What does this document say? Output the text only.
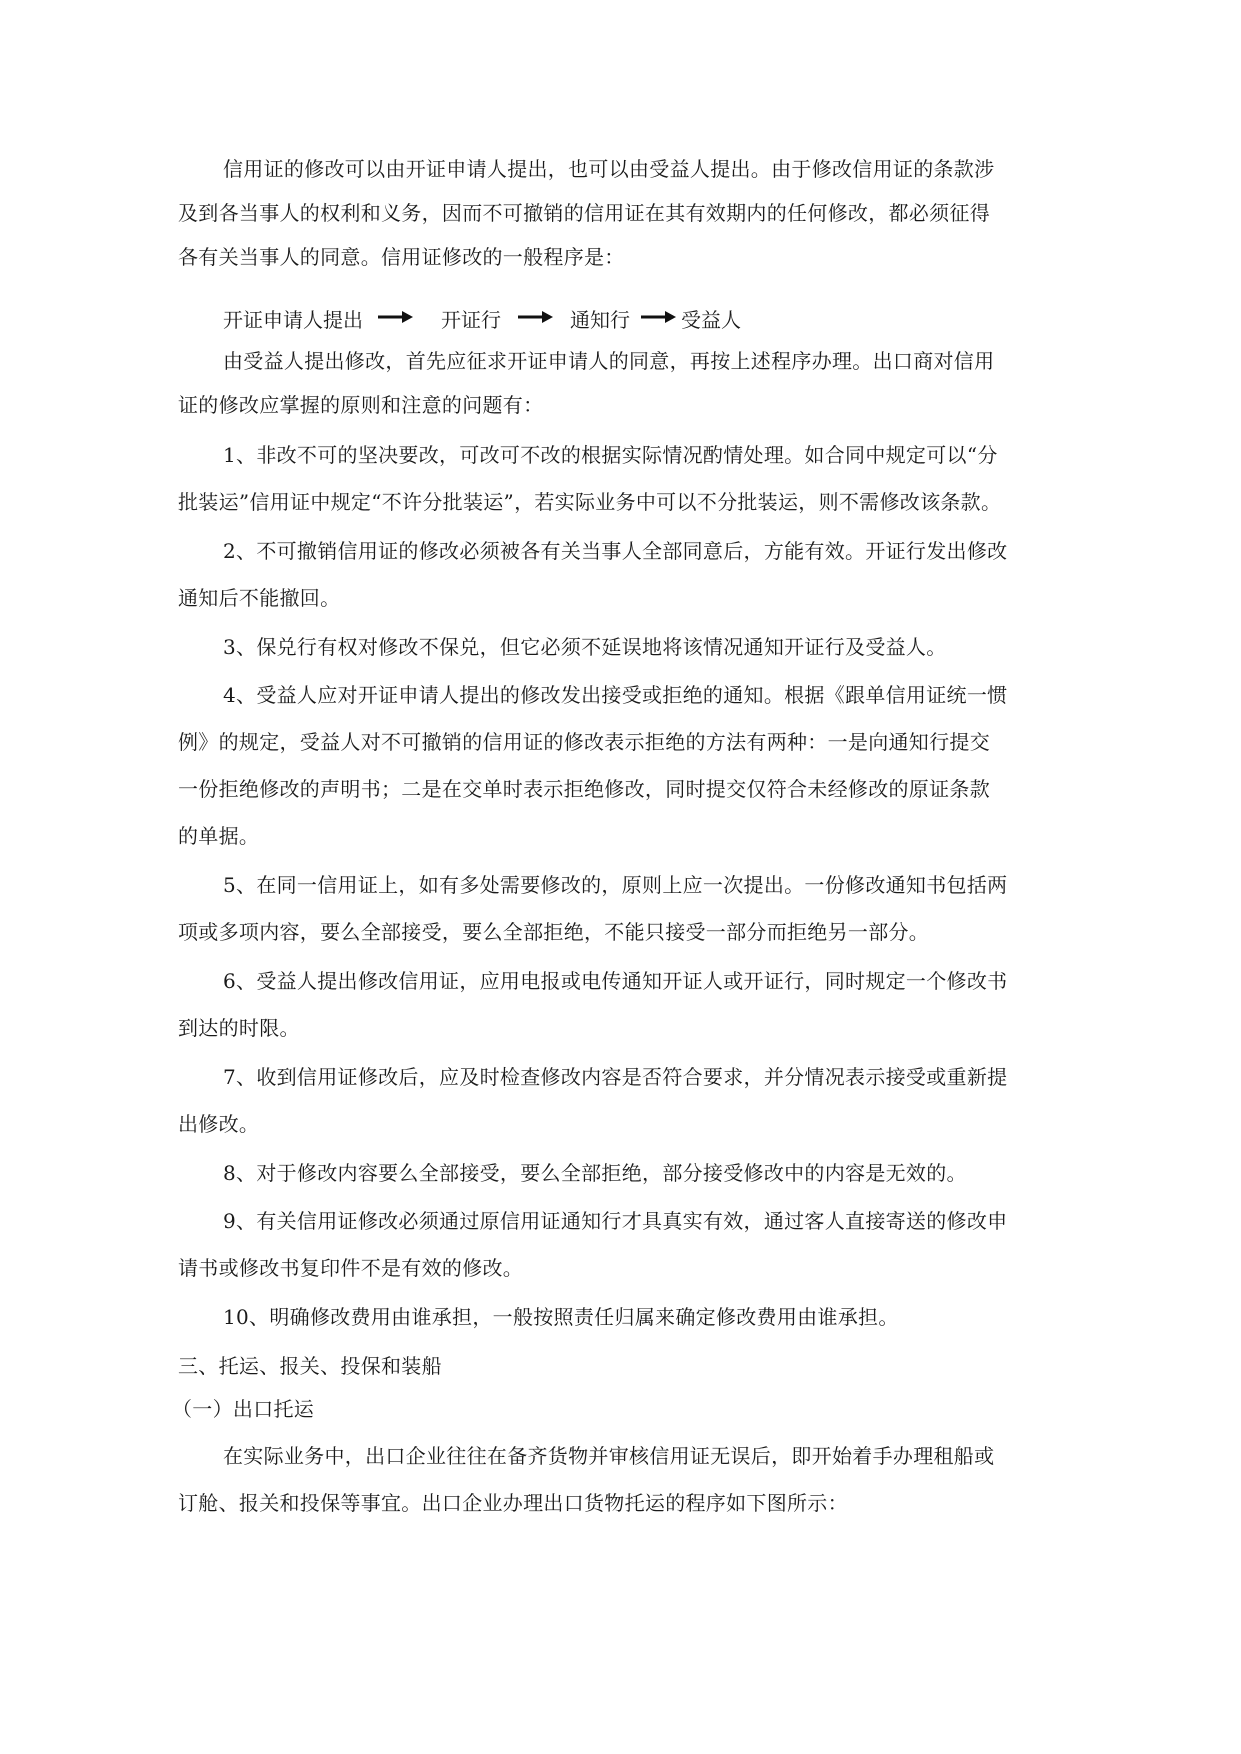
信用证的修改可以由开证申请人提出，也可以由受益人提出。由于修改信用证的条款涉
及到各当事人的权利和义务，因而不可撤销的信用证在其有效期内的任何修改，都必须征得
各有关当事人的同意。信用证修改的一般程序是：
开证申请人提出	开证行	通知行	受益人
由受益人提出修改，首先应征求开证申请人的同意，再按上述程序办理。出口商对信用
证的修改应掌握的原则和注意的问题有：
1、非改不可的坚决要改，可改可不改的根据实际情况酌情处理。如合同中规定可以“分
批装运”信用证中规定“不许分批装运”，若实际业务中可以不分批装运，则不需修改该条款。
2、不可撤销信用证的修改必须被各有关当事人全部同意后，方能有效。开证行发出修改
通知后不能撤回。
3、保兑行有权对修改不保兑，但它必须不延误地将该情况通知开证行及受益人。
4、受益人应对开证申请人提出的修改发出接受或拒绝的通知。根据《跟单信用证统一惯
例》的规定，受益人对不可撤销的信用证的修改表示拒绝的方法有两种：一是向通知行提交
一份拒绝修改的声明书；二是在交单时表示拒绝修改，同时提交仅符合未经修改的原证条款
的单据。
5、在同一信用证上，如有多处需要修改的，原则上应一次提出。一份修改通知书包括两
项或多项内容，要么全部接受，要么全部拒绝，不能只接受一部分而拒绝另一部分。
6、受益人提出修改信用证，应用电报或电传通知开证人或开证行，同时规定一个修改书
到达的时限。
7、收到信用证修改后，应及时检查修改内容是否符合要求，并分情况表示接受或重新提
出修改。
8、对于修改内容要么全部接受，要么全部拒绝，部分接受修改中的内容是无效的。
9、有关信用证修改必须通过原信用证通知行才具真实有效，通过客人直接寄送的修改申
请书或修改书复印件不是有效的修改。
10、明确修改费用由谁承担，一般按照责任归属来确定修改费用由谁承担。
三、托运、报关、投保和装船
（一）出口托运
在实际业务中，出口企业往往在备齐货物并审核信用证无误后，即开始着手办理租船或
订舱、报关和投保等事宜。出口企业办理出口货物托运的程序如下图所示：
